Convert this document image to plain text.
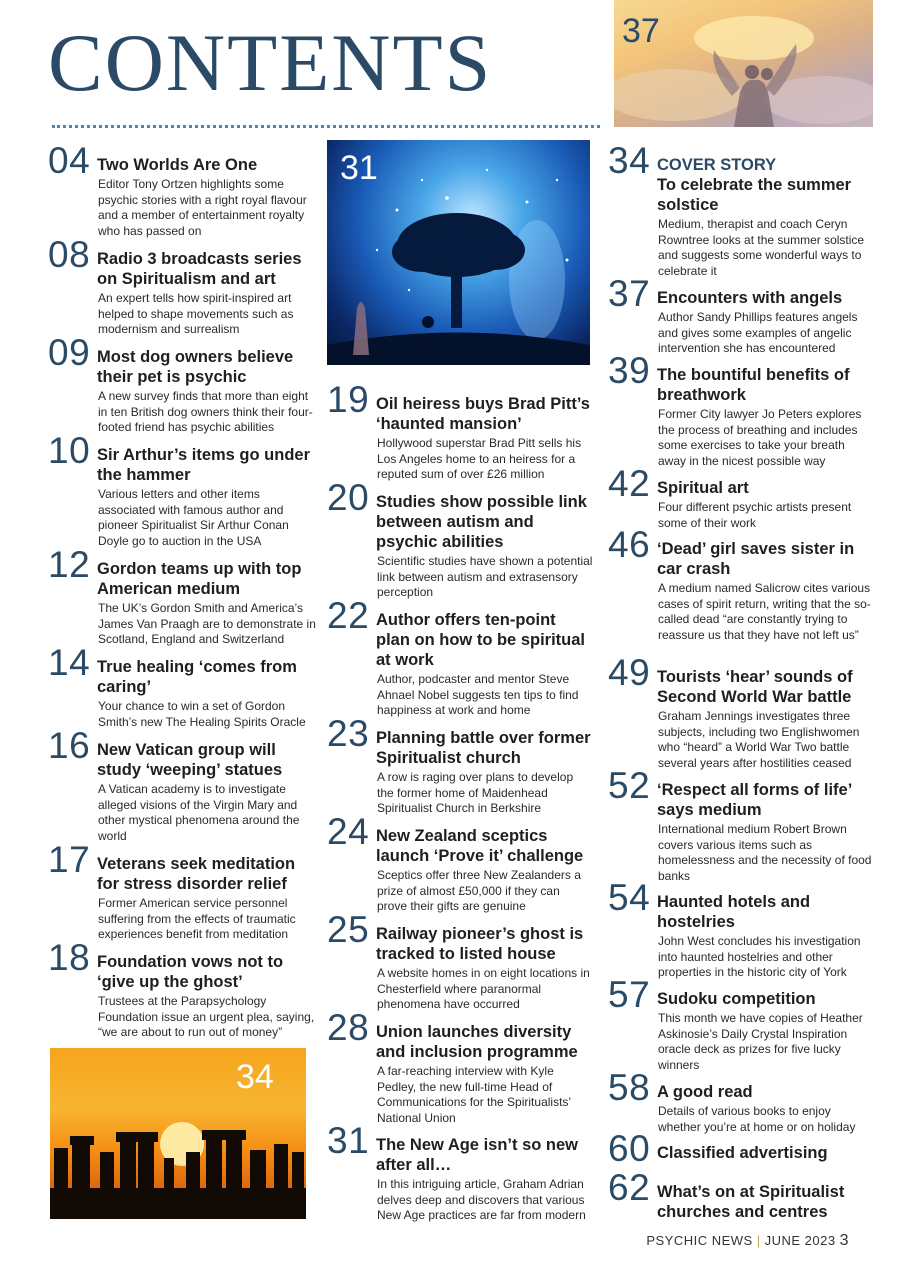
CONTENTS	37
31
34
04 Two Worlds Are One
Editor Tony Ortzen highlights some psychic stories with a right royal flavour and a member of entertainment royalty who has passed on
08 Radio 3 broadcasts series on Spiritualism and art
An expert tells how spirit-inspired art helped to shape movements such as modernism and surrealism
09 Most dog owners believe their pet is psychic
A new survey finds that more than eight in ten British dog owners think their four-footed friend has psychic abilities
10 Sir Arthur’s items go under the hammer
Various letters and other items associated with famous author and pioneer Spiritualist Sir Arthur Conan Doyle go to auction in the USA
12 Gordon teams up with top American medium
The UK’s Gordon Smith and America’s James Van Praagh are to demonstrate in Scotland, England and Switzerland
14 True healing ‘comes from caring’
Your chance to win a set of Gordon Smith’s new The Healing Spirits Oracle
16 New Vatican group will study ‘weeping’ statues
A Vatican academy is to investigate alleged visions of the Virgin Mary and other mystical phenomena around the world
17 Veterans seek meditation for stress disorder relief
Former American service personnel suffering from the effects of traumatic experiences benefit from meditation
18 Foundation vows not to ‘give up the ghost’
Trustees at the Parapsychology Foundation issue an urgent plea, saying, “we are about to run out of money”
19 Oil heiress buys Brad Pitt’s ‘haunted mansion’
Hollywood superstar Brad Pitt sells his Los Angeles home to an heiress for a reputed sum of over £26 million
20 Studies show possible link between autism and psychic abilities
Scientific studies have shown a potential link between autism and extrasensory perception
22 Author offers ten-point plan on how to be spiritual at work
Author, podcaster and mentor Steve Ahnael Nobel suggests ten tips to find happiness at work and home
23 Planning battle over former Spiritualist church
A row is raging over plans to develop the former home of Maidenhead Spiritualist Church in Berkshire
24 New Zealand sceptics launch ‘Prove it’ challenge
Sceptics offer three New Zealanders a prize of almost £50,000 if they can prove their gifts are genuine
25 Railway pioneer’s ghost is tracked to listed house
A website homes in on eight locations in Chesterfield where paranormal phenomena have occurred
28 Union launches diversity and inclusion programme
A far-reaching interview with Kyle Pedley, the new full-time Head of Communications for the Spiritualists’ National Union
31 The New Age isn’t so new after all…
In this intriguing article, Graham Adrian delves deep and discovers that various New Age practices are far from modern
34 COVER STORY
To celebrate the summer solstice
Medium, therapist and coach Ceryn Rowntree looks at the summer solstice and suggests some wonderful ways to celebrate it
37 Encounters with angels
Author Sandy Phillips features angels and gives some examples of angelic intervention she has encountered
39 The bountiful benefits of breathwork
Former City lawyer Jo Peters explores the process of breathing and includes some exercises to take your breath away in the nicest possible way
42 Spiritual art
Four different psychic artists present some of their work
46 ‘Dead’ girl saves sister in car crash
A medium named Salicrow cites various cases of spirit return, writing that the so-called dead “are constantly trying to reassure us that they have not left us”
49 Tourists ‘hear’ sounds of Second World War battle
Graham Jennings investigates three subjects, including two Englishwomen who “heard” a World War Two battle several years after hostilities ceased
52 ‘Respect all forms of life’ says medium
International medium Robert Brown covers various items such as homelessness and the necessity of food banks
54 Haunted hotels and hostelries
John West concludes his investigation into haunted hostelries and other properties in the historic city of York
57 Sudoku competition
This month we have copies of Heather Askinosie’s Daily Crystal Inspiration oracle deck as prizes for five lucky winners
58 A good read
Details of various books to enjoy whether you’re at home or on holiday
60 Classified advertising
62 What’s on at Spiritualist churches and centres
PSYCHIC NEWS | JUNE 2023 3
